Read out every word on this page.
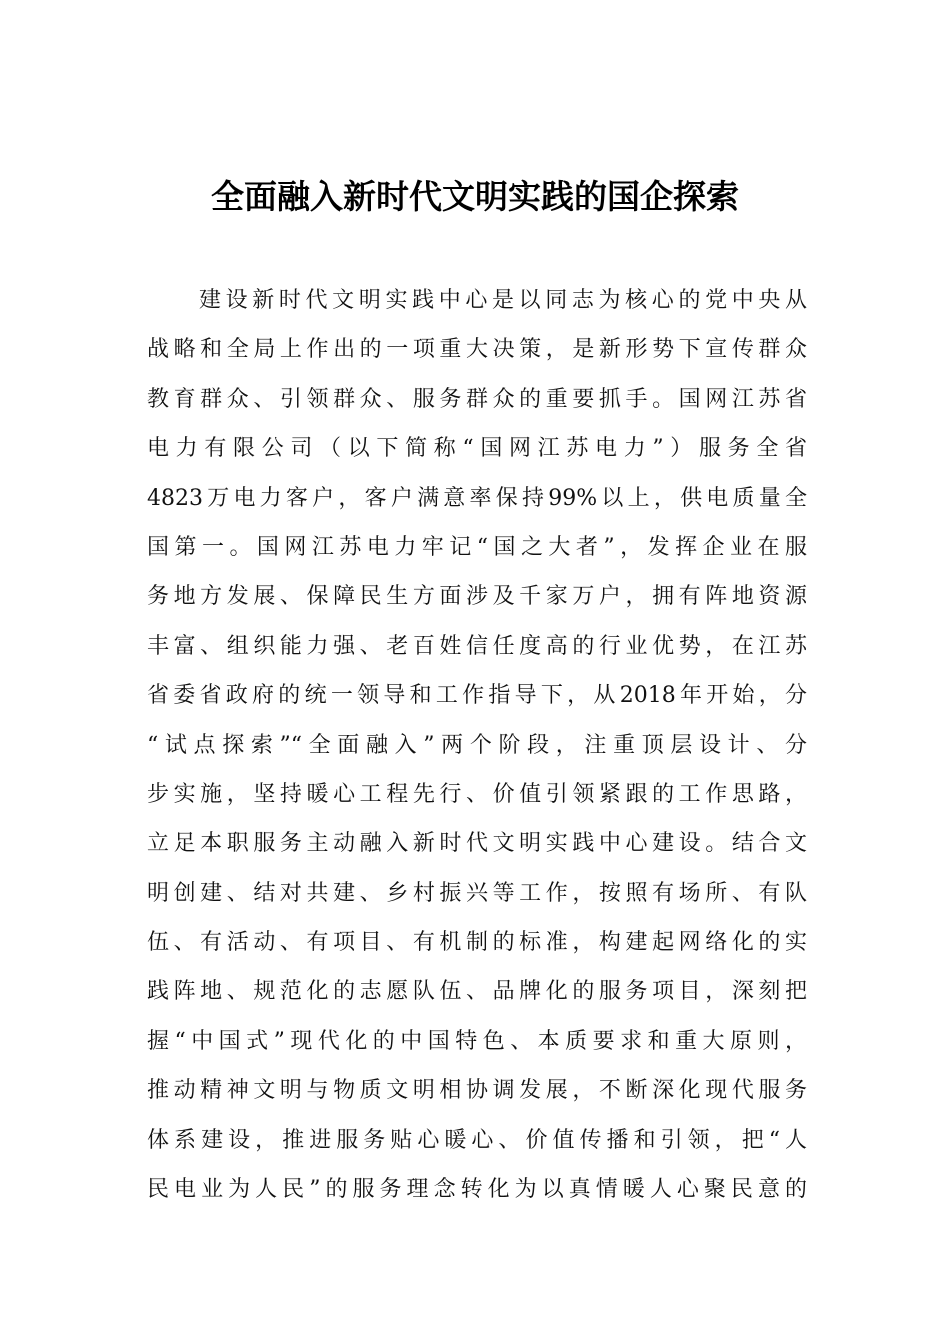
全面融入新时代文明实践的国企探索
建设新时代文明实践中心是以同志为核心的党中央从
战略和全局上作出的一项重大决策，是新形势下宣传群众
教育群众、引领群众、服务群众的重要抓手。国网江苏省
电力有限公司（以下简称“国网江苏电力”）服务全省
4823万电力客户，客户满意率保持99%以上，供电质量全
国第一。国网江苏电力牢记“国之大者”，发挥企业在服
务地方发展、保障民生方面涉及千家万户，拥有阵地资源
丰富、组织能力强、老百姓信任度高的行业优势，在江苏
省委省政府的统一领导和工作指导下，从2018年开始，分
“试点探索”“全面融入”两个阶段，注重顶层设计、分
步实施，坚持暖心工程先行、价值引领紧跟的工作思路，
立足本职服务主动融入新时代文明实践中心建设。结合文
明创建、结对共建、乡村振兴等工作，按照有场所、有队
伍、有活动、有项目、有机制的标准，构建起网络化的实
践阵地、规范化的志愿队伍、品牌化的服务项目，深刻把
握“中国式”现代化的中国特色、本质要求和重大原则，
推动精神文明与物质文明相协调发展，不断深化现代服务
体系建设，推进服务贴心暖心、价值传播和引领，把“人
民电业为人民”的服务理念转化为以真情暖人心聚民意的
